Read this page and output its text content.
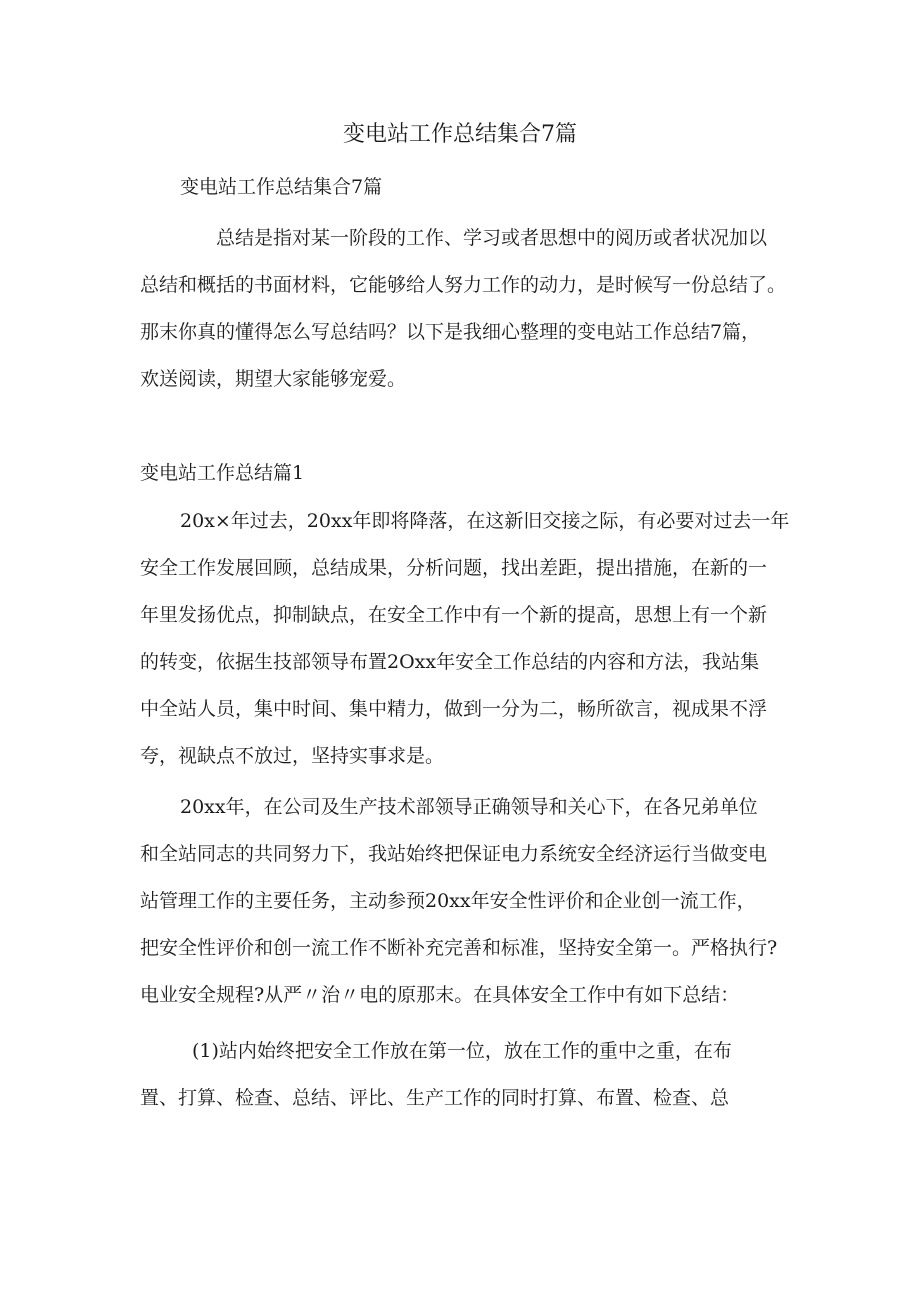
变电站工作总结集合7篇
变电站工作总结集合7篇
总结是指对某一阶段的工作、学习或者思想中的阅历或者状况加以
总结和概括的书面材料，它能够给人努力工作的动力，是时候写一份总结了。
那末你真的懂得怎么写总结吗？以下是我细心整理的变电站工作总结7篇，
欢送阅读，期望大家能够宠爱。
变电站工作总结篇1
20x×年过去，20xx年即将降落，在这新旧交接之际，有必要对过去一年
安全工作发展回顾，总结成果，分析问题，找出差距，提出措施，在新的一
年里发扬优点，抑制缺点，在安全工作中有一个新的提高，思想上有一个新
的转变，依据生技部领导布置2Oxx年安全工作总结的内容和方法，我站集
中全站人员，集中时间、集中精力，做到一分为二，畅所欲言，视成果不浮
夸，视缺点不放过，坚持实事求是。
20xx年，在公司及生产技术部领导正确领导和关心下，在各兄弟单位
和全站同志的共同努力下，我站始终把保证电力系统安全经济运行当做变电
站管理工作的主要任务，主动参预20xx年安全性评价和企业创一流工作，
把安全性评价和创一流工作不断补充完善和标准，坚持安全第一。严格执行?
电业安全规程?从严〃治〃电的原那末。在具体安全工作中有如下总结：
(1)站内始终把安全工作放在第一位，放在工作的重中之重，在布
置、打算、检查、总结、评比、生产工作的同时打算、布置、检查、总
